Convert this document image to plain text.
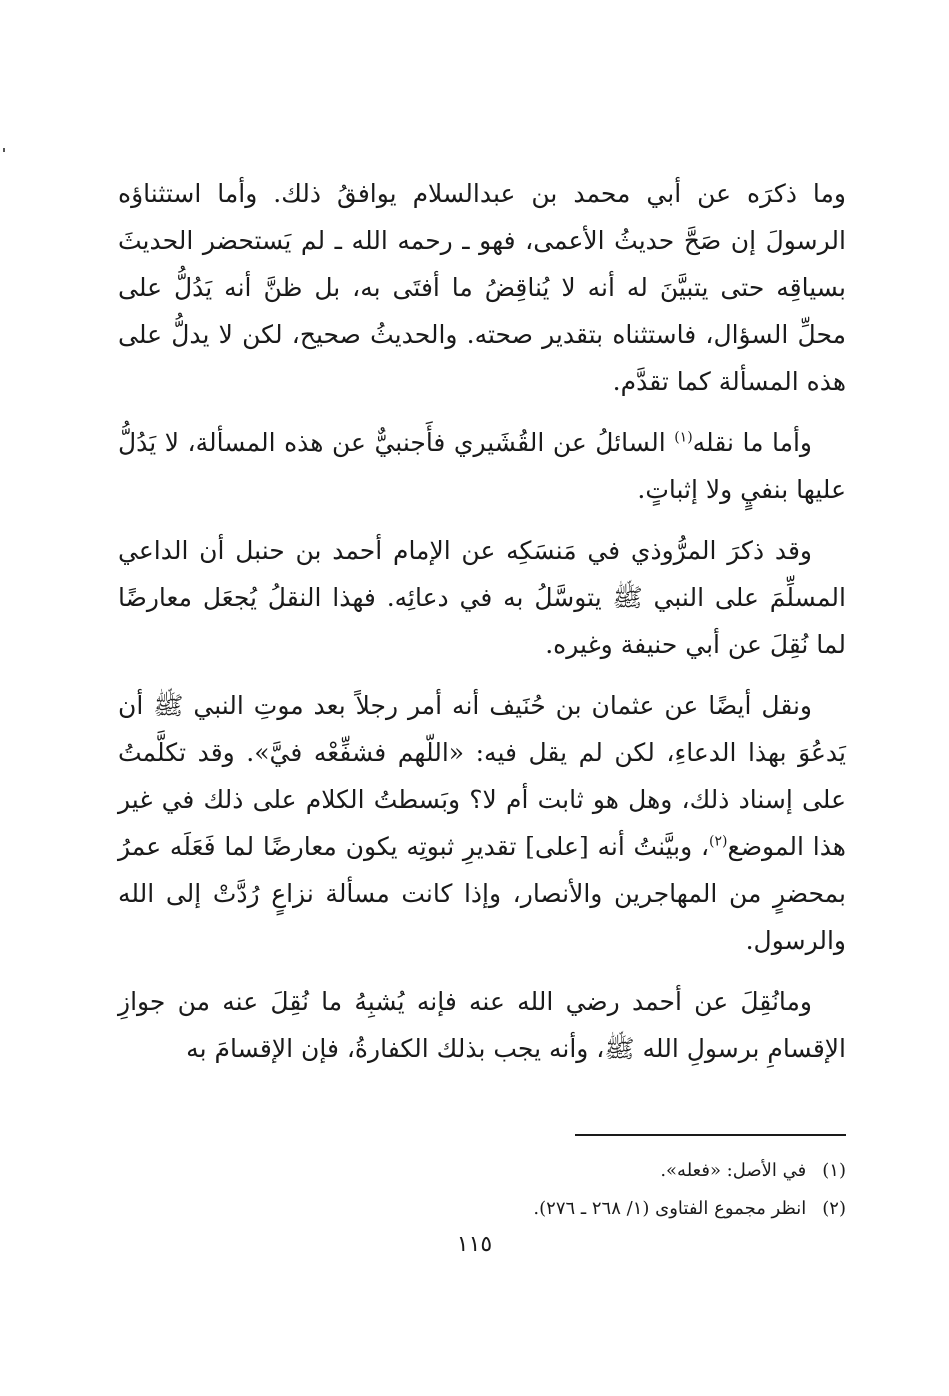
وما ذكرَه عن أبي محمد بن عبدالسلام يوافقُ ذلك. وأما استثناؤه الرسولَ إن صَحَّ حديثُ الأعمى، فهو ـ رحمه الله ـ لم يَستحضر الحديثَ بسياقِه حتى يتبيَّنَ له أنه لا يُناقِضُ ما أفتَى به، بل ظنَّ أنه يَدُلُّ على محلِّ السؤال، فاستثناه بتقدير صحته. والحديثُ صحيح، لكن لا يدلُّ على هذه المسألة كما تقدَّم.

وأما ما نقله$^{(١)}$ السائلُ عن القُشَيري فأَجنبيٌّ عن هذه المسألة، لا يَدُلُّ عليها بنفيٍ ولا إثباتٍ.

وقد ذكرَ المرُّوذي في مَنسَكِه عن الإمام أحمد بن حنبل أن الداعي المسلِّمَ على النبي ﷺ يتوسَّلُ به في دعائِه. فهذا النقلُ يُجعَل معارضًا لما نُقِلَ عن أبي حنيفة وغيره.

ونقل أيضًا عن عثمان بن حُنَيف أنه أمر رجلاً بعد موتِ النبي ﷺ أن يَدعُوَ بهذا الدعاءِ، لكن لم يقل فيه: «اللّهم فشفِّعْه فيَّ». وقد تكلَّمتُ على إسناد ذلك، وهل هو ثابت أم لا؟ وبَسطتُ الكلام على ذلك في غير هذا الموضع$^{(٢)}$، وبيَّنتُ أنه [على] تقديرِ ثبوتِه يكون معارضًا لما فَعَلَه عمرُ بمحضرٍ من المهاجرين والأنصار، وإذا كانت مسألة نزاعٍ رُدَّتْ إلى الله والرسول.

ومانُقِلَ عن أحمد رضي الله عنه فإنه يُشبِهُ ما نُقِلَ عنه من جوازِ الإقسامِ برسولِ الله ﷺ، وأنه يجب بذلك الكفارةُ، فإن الإقسامَ به

(١)في الأصل: «فعله».
(٢)انظر مجموع الفتاوى (١/ ٢٦٨ ـ ٢٧٦).
١١٥
